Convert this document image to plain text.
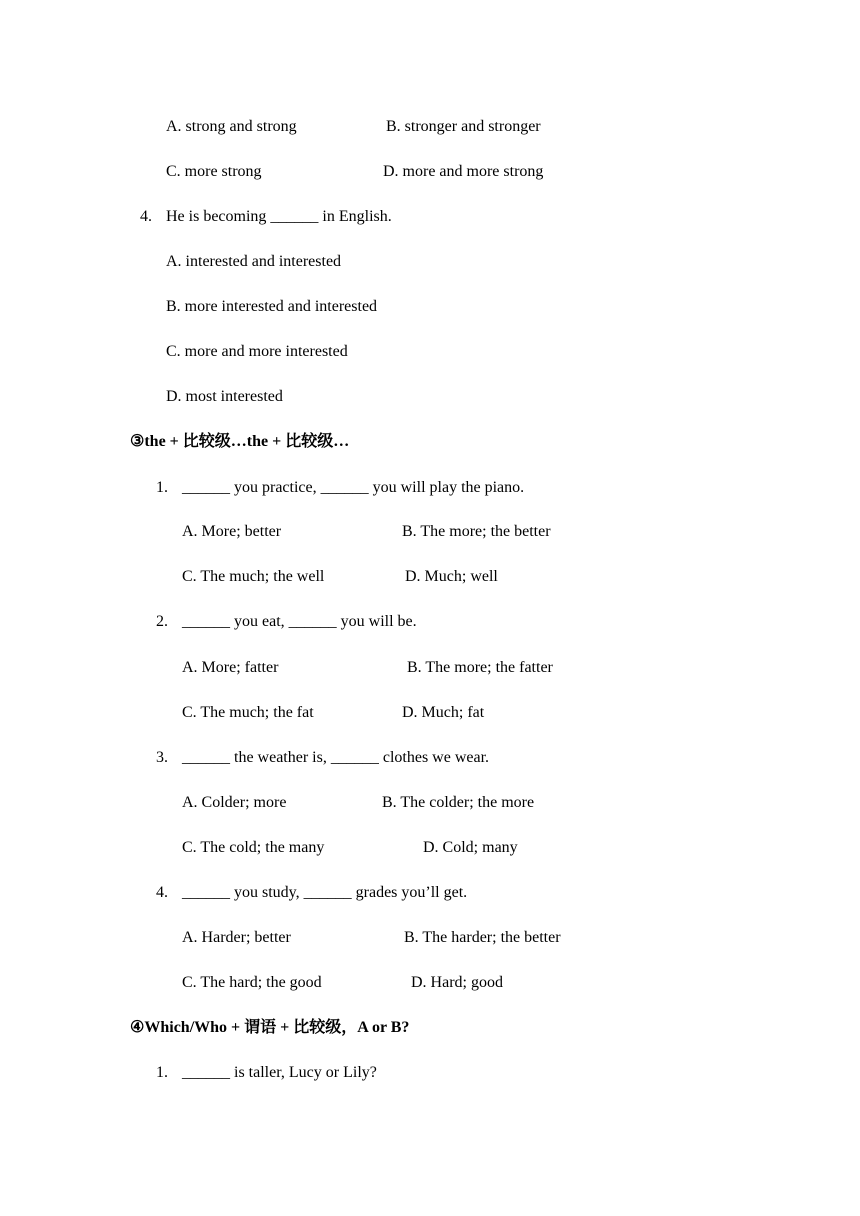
A. strong and strong	B. stronger and stronger
C. more strong	D. more and more strong
4. He is becoming ______ in English.
A. interested and interested
B. more interested and interested
C. more and more interested
D. most interested
③the + 比较级…the + 比较级…
1. ______ you practice, ______ you will play the piano.
A. More; better	B. The more; the better
C. The much; the well	D. Much; well
2. ______ you eat, ______ you will be.
A. More; fatter	B. The more; the fatter
C. The much; the fat	D. Much; fat
3. ______ the weather is, ______ clothes we wear.
A. Colder; more	B. The colder; the more
C. The cold; the many	D. Cold; many
4. ______ you study, ______ grades you’ll get.
A. Harder; better	B. The harder; the better
C. The hard; the good	D. Hard; good
④Which/Who + 谓语 + 比较级，A or B?
1. ______ is taller, Lucy or Lily?
